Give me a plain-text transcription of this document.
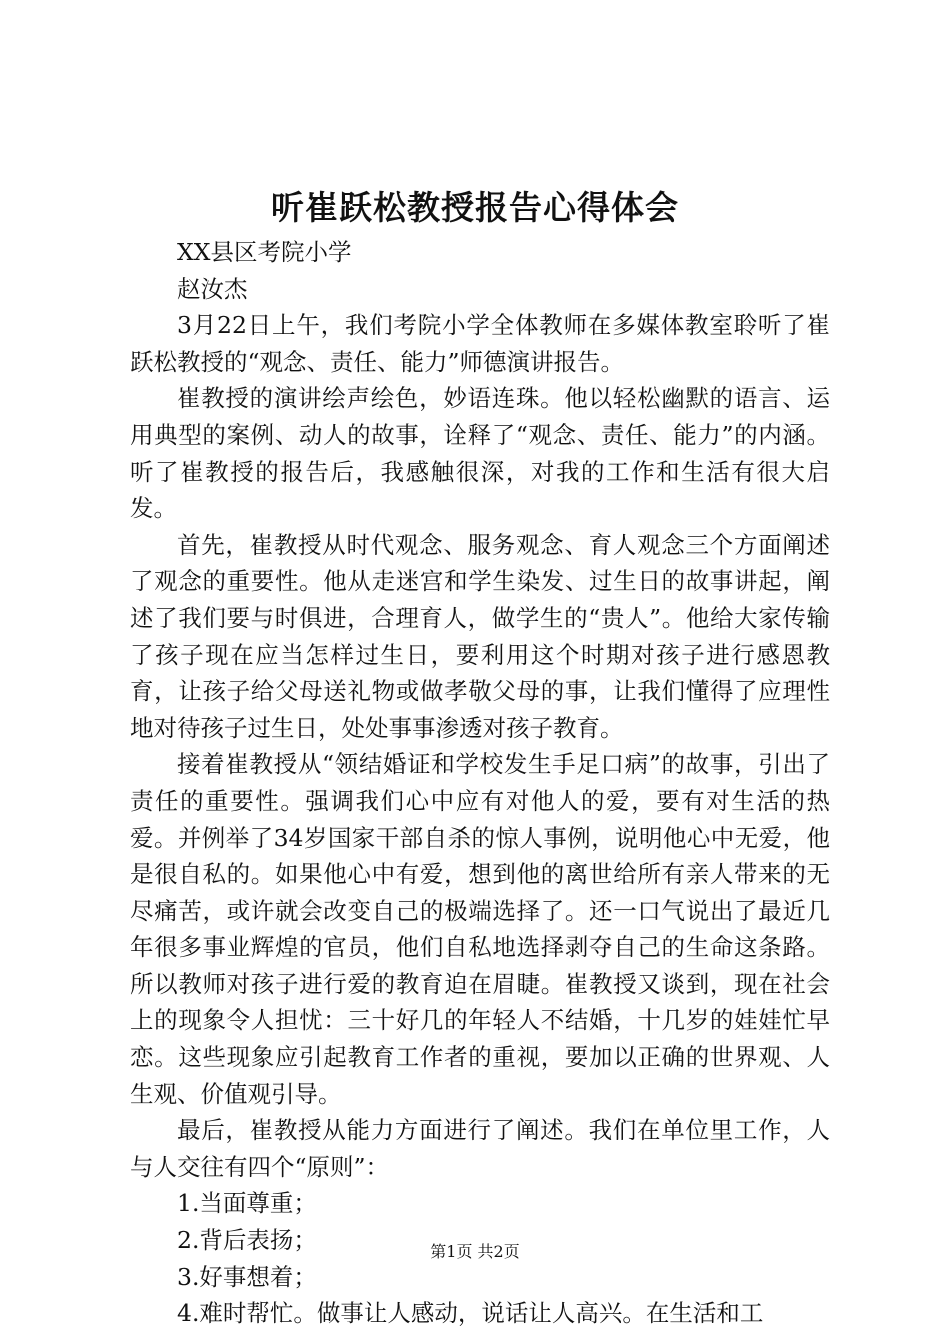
听崔跃松教授报告心得体会

XX县区考院小学

赵汝杰

3月22日上午，我们考院小学全体教师在多媒体教室聆听了崔跃松教授的“观念、责任、能力”师德演讲报告。

崔教授的演讲绘声绘色，妙语连珠。他以轻松幽默的语言、运用典型的案例、动人的故事，诠释了“观念、责任、能力”的内涵。听了崔教授的报告后，我感触很深，对我的工作和生活有很大启发。

首先，崔教授从时代观念、服务观念、育人观念三个方面阐述了观念的重要性。他从走迷宫和学生染发、过生日的故事讲起，阐述了我们要与时俱进，合理育人，做学生的“贵人”。他给大家传输了孩子现在应当怎样过生日，要利用这个时期对孩子进行感恩教育，让孩子给父母送礼物或做孝敬父母的事，让我们懂得了应理性地对待孩子过生日，处处事事渗透对孩子教育。

接着崔教授从“领结婚证和学校发生手足口病”的故事，引出了责任的重要性。强调我们心中应有对他人的爱，要有对生活的热爱。并例举了34岁国家干部自杀的惊人事例，说明他心中无爱，他是很自私的。如果他心中有爱，想到他的离世给所有亲人带来的无尽痛苦，或许就会改变自己的极端选择了。还一口气说出了最近几年很多事业辉煌的官员，他们自私地选择剥夺自己的生命这条路。所以教师对孩子进行爱的教育迫在眉睫。崔教授又谈到，现在社会上的现象令人担忧：三十好几的年轻人不结婚，十几岁的娃娃忙早恋。这些现象应引起教育工作者的重视，要加以正确的世界观、人生观、价值观引导。

最后，崔教授从能力方面进行了阐述。我们在单位里工作，人与人交往有四个“原则”：

1.当面尊重；

2.背后表扬；

3.好事想着；

4.难时帮忙。做事让人感动，说话让人高兴。在生活和工

第1页 共2页
